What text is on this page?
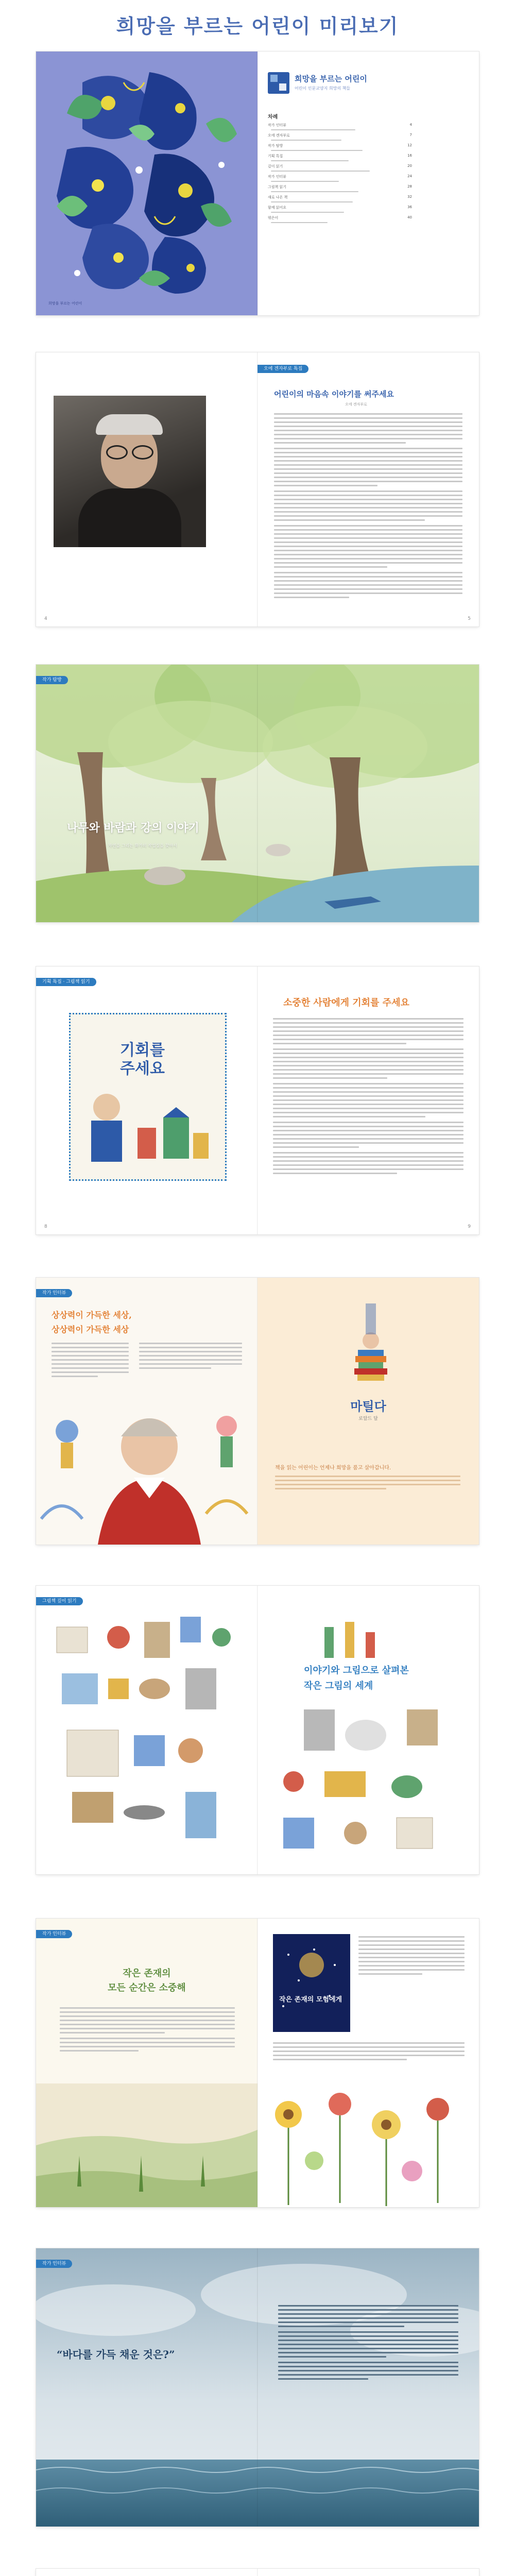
희망을 부르는 어린이 미리보기
희망을 부르는 어린이
희망을 부르는 어린이
어린이 인문교양지 희망의 책들
차례
작가 인터뷰	4
오에 겐자부로	7
작가 탐방	12
기획 특집	16
깊이 읽기	20
작가 인터뷰	24
그림책 읽기	28
새로 나온 책	32
함께 읽어요	36
엮은이	40
4
오에 겐자부로 특집
어린이의 마음속 이야기를 써주세요
오에 겐자부로
5
작가 탐방
나무와 바람과 강의 이야기
자연을 그리는 화가의 작업실을 찾아서
기획 특집 · 그림책 읽기
기회를 주세요
8
소중한 사람에게 기회를 주세요
9
작가 인터뷰
상상력이 가득한 세상,
상상력이 가득한 세상
마틸다
로알드 달
책을 읽는 어린이는 언제나 희망을 품고 살아갑니다.
그림책 깊이 읽기
이야기와 그림으로 살펴본
작은 그림의 세계
작가 인터뷰
작은 존재의
모든 순간은 소중해
작은 존재의 모험에게
작가 인터뷰
“바다를 가득 채운 것은?”
